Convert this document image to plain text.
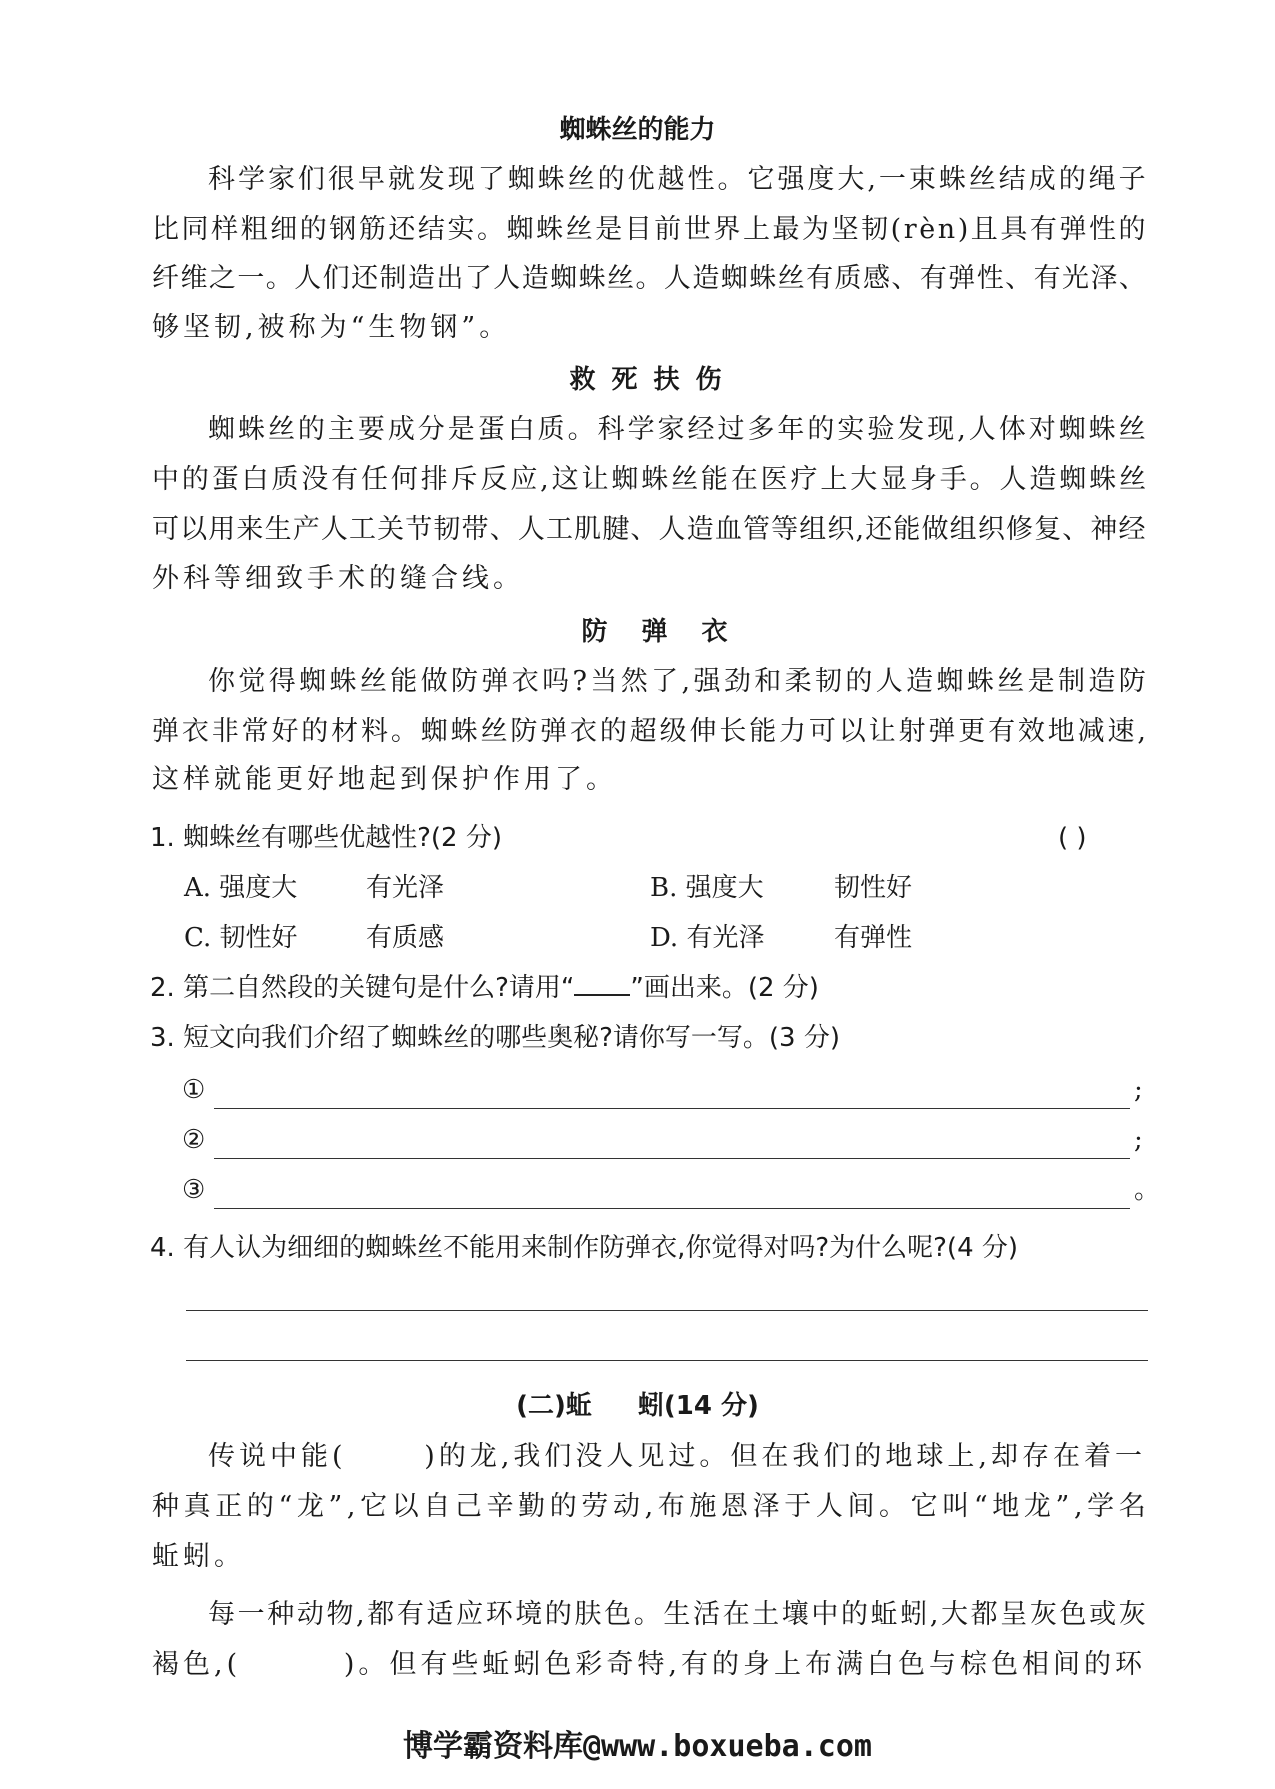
蜘蛛丝的能力
科 学 家 们 很 早 就 发 现 了 蜘 蛛 丝 的 优 越 性 。 它 强 度 大 , 一 束 蛛 丝 结 成 的 绳 子
比 同 样 粗 细 的 钢 筋 还 结 实 。 蜘 蛛 丝 是 目 前 世 界 上 最 为 坚 韧 ( r è n ) 且 具 有 弹 性 的
纤 维 之 一 。 人 们 还 制 造 出 了 人 造 蜘 蛛 丝 。 人 造 蜘 蛛 丝 有 质 感 、 有 弹 性 、 有 光 泽 、
够坚韧,被称为“生物钢”。
救死扶伤
蜘 蛛 丝 的 主 要 成 分 是 蛋 白 质 。 科 学 家 经 过 多 年 的 实 验 发 现 , 人 体 对 蜘 蛛 丝
中 的 蛋 白 质 没 有 任 何 排 斥 反 应 , 这 让 蜘 蛛 丝 能 在 医 疗 上 大 显 身 手 。 人 造 蜘 蛛 丝
可 以 用 来 生 产 人 工 关 节 韧 带 、 人 工 肌 腱 、 人 造 血 管 等 组 织 , 还 能 做 组 织 修 复 、 神 经
外科等细致手术的缝合线。
防弹衣
你 觉 得 蜘 蛛 丝 能 做 防 弹 衣 吗 ? 当 然 了 , 强 劲 和 柔 韧 的 人 造 蜘 蛛 丝 是 制 造 防
弹 衣 非 常 好 的 材 料 。 蜘 蛛 丝 防 弹 衣 的 超 级 伸 长 能 力 可 以 让 射 弹 更 有 效 地 减 速 ,
这样就能更好地起到保护作用了。
1. 蜘蛛丝有哪些优越性?(2 分)	( )
A. 强度大	有光泽	B. 强度大	韧性好
C. 韧性好	有质感	D. 有光泽	有弹性
2. 第二自然段的关键句是什么?请用“ ”画出来。(2 分)
3. 短文向我们介绍了蜘蛛丝的哪些奥秘?请你写一写。(3 分)
①	;
②	;
③	。
4. 有人认为细细的蜘蛛丝不能用来制作防弹衣,你觉得对吗?为什么呢?(4 分)
(二)蚯 蚓(14 分)
传说中能(	)的龙,我们没人见过。但在我们的地球上,却存在着一
种 真 正 的 “ 龙 ” , 它 以 自 己 辛 勤 的 劳 动 , 布 施 恩 泽 于 人 间 。 它 叫 “ 地 龙 ” , 学 名
蚯蚓。
每 一 种 动 物 , 都 有 适 应 环 境 的 肤 色 。 生 活 在 土 壤 中 的 蚯 蚓 , 大 都 呈 灰 色 或 灰
褐色,(	)。但有些蚯蚓色彩奇特,有的身上布满白色与棕色相间的环
博学霸资料库@www.boxueba.com
